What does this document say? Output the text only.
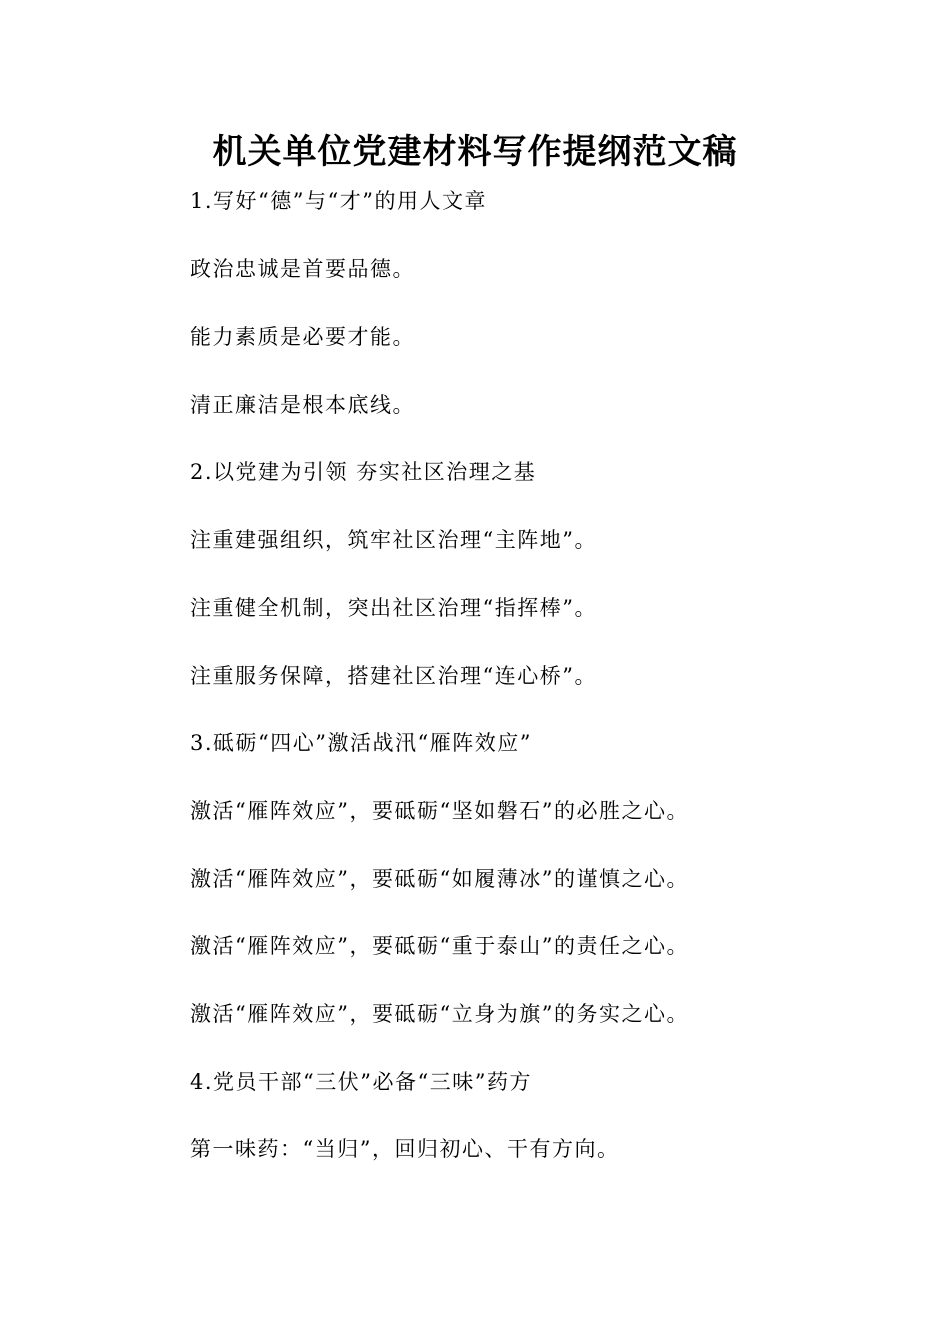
机关单位党建材料写作提纲范文稿

1.写好“德”与“才”的用人文章

政治忠诚是首要品德。

能力素质是必要才能。

清正廉洁是根本底线。

2.以党建为引领 夯实社区治理之基

注重建强组织，筑牢社区治理“主阵地”。

注重健全机制，突出社区治理“指挥棒”。

注重服务保障，搭建社区治理“连心桥”。

3.砥砺“四心”激活战汛“雁阵效应”

激活“雁阵效应”，要砥砺“坚如磐石”的必胜之心。

激活“雁阵效应”，要砥砺“如履薄冰”的谨慎之心。

激活“雁阵效应”，要砥砺“重于泰山”的责任之心。

激活“雁阵效应”，要砥砺“立身为旗”的务实之心。

4.党员干部“三伏”必备“三味”药方

第一味药：“当归”，回归初心、干有方向。
